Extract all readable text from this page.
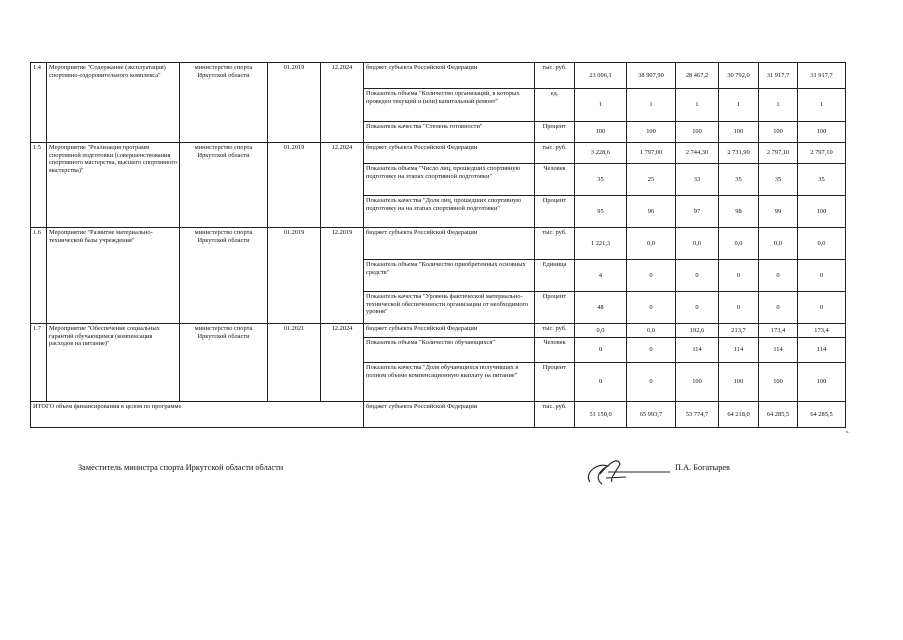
1.4	Мероприятие "Содержание (эксплуатация) спортивно-оздоровительного комплекса"	министерство спорта Иркутской области	01.2019	12.2024	бюджет субъекта Российской Федерации	тыс. руб.	23 006,1	38 907,90	28 467,2	30 792,0	31 917,7	31 917,7
					Показатель объема "Количество организаций, в которых проведен текущий и (или) капитальный ремонт"	ед.	1	1	1	1	1	1
					Показатель качества "Степень готовности"	Процент	100	100	100	100	100	100
1.5	Мероприятие "Реализация программ спортивной подготовки (совершенствования спортивного мастерства, высшего спортивного мастерства)"	министерство спорта Иркутской области	01.2019	12.2024	бюджет субъекта Российской Федерации	тыс. руб.	3 228,6	1 797,00	2 744,30	2 731,90	2 797,10	2 797,10
					Показатель объема "Число лиц, прошедших спортивную подготовку на этапах спортивной подготовки"	Человек	35	25	33	35	35	35
					Показатель качества "Доля лиц, прошедших спортивную подготовку на на этапах спортивной подготовки"	Процент	95	96	97	98	99	100
1.6	Мероприятие "Развитие материально-технической базы учреждения"	министерство спорта Иркутской области	01.2019	12.2019	бюджет субъекта Российской Федерации	тыс. руб.	1 221,3	0,0	0,0	0,0	0,0	0,0
					Показатель объема "Количество приобретенных основных средств"	Единица	4	0	0	0	0	0
					Показатель качества "Уровень фактической материально-технической обеспеченности организации от необходимого уровня"	Процент	48	0	0	0	0	0
1.7	Мероприятие "Обеспечение социальных гарантий обучающимся (компенсация расходов на питание)"	министерство спорта Иркутской области	01.2021	12.2024	бюджет субъекта Российской Федерации	тыс. руб.	0,0	0,0	192,6	213,7	173,4	173,4
					Показатель объема "Количество обучающихся"	Человек	0	0	114	114	114	114
					Показатель качества "Доля обучающихся получивших в полном объеме компенсационную выплату на питание"	Процент	0	0	100	100	100	100
ИТОГО объем финансирования в целом по программе					бюджет субъекта Российской Федерации	тыс. руб.	51 150,0	65 993,7	53 774,7	64 218,0	64 285,5	64 285,5
».
Заместитель министра спорта Иркутской области области	П.А. Богатырев
